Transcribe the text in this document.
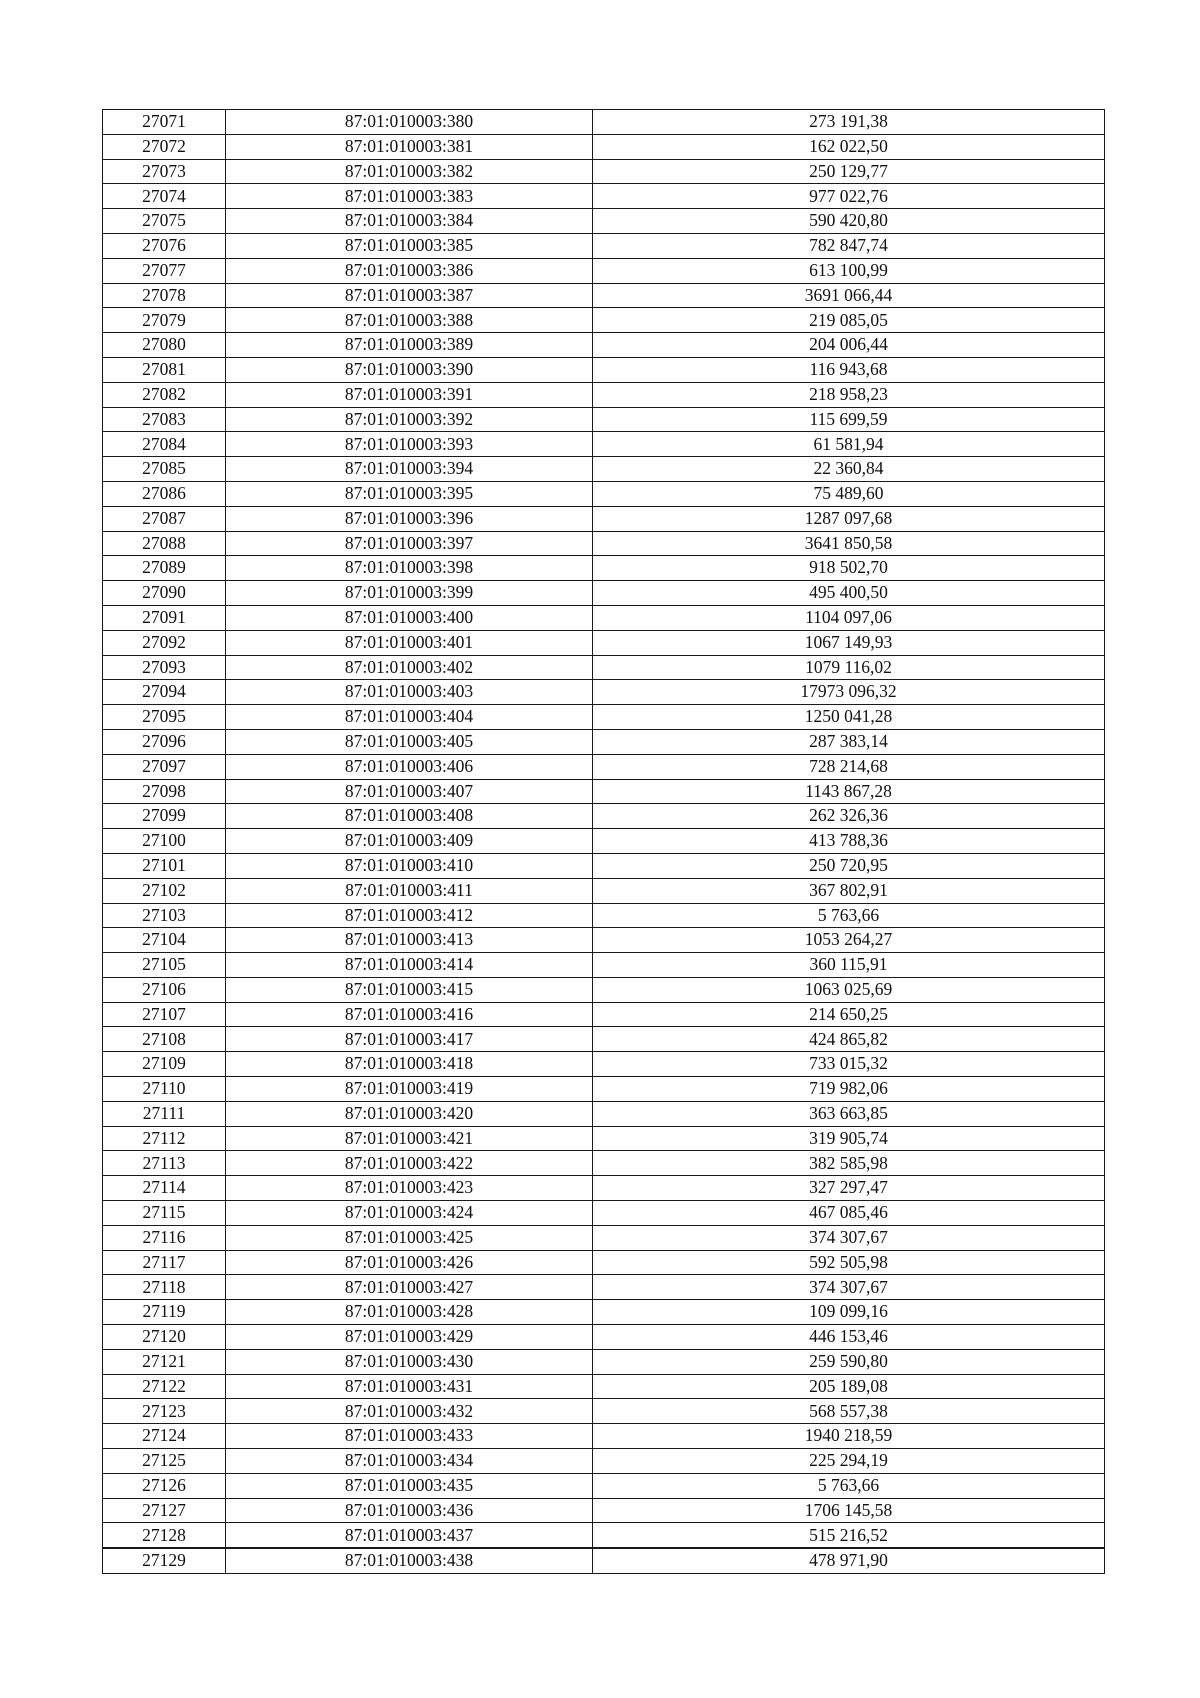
27071	87:01:010003:380	273 191,38
27072	87:01:010003:381	162 022,50
27073	87:01:010003:382	250 129,77
27074	87:01:010003:383	977 022,76
27075	87:01:010003:384	590 420,80
27076	87:01:010003:385	782 847,74
27077	87:01:010003:386	613 100,99
27078	87:01:010003:387	3691 066,44
27079	87:01:010003:388	219 085,05
27080	87:01:010003:389	204 006,44
27081	87:01:010003:390	116 943,68
27082	87:01:010003:391	218 958,23
27083	87:01:010003:392	115 699,59
27084	87:01:010003:393	61 581,94
27085	87:01:010003:394	22 360,84
27086	87:01:010003:395	75 489,60
27087	87:01:010003:396	1287 097,68
27088	87:01:010003:397	3641 850,58
27089	87:01:010003:398	918 502,70
27090	87:01:010003:399	495 400,50
27091	87:01:010003:400	1104 097,06
27092	87:01:010003:401	1067 149,93
27093	87:01:010003:402	1079 116,02
27094	87:01:010003:403	17973 096,32
27095	87:01:010003:404	1250 041,28
27096	87:01:010003:405	287 383,14
27097	87:01:010003:406	728 214,68
27098	87:01:010003:407	1143 867,28
27099	87:01:010003:408	262 326,36
27100	87:01:010003:409	413 788,36
27101	87:01:010003:410	250 720,95
27102	87:01:010003:411	367 802,91
27103	87:01:010003:412	5 763,66
27104	87:01:010003:413	1053 264,27
27105	87:01:010003:414	360 115,91
27106	87:01:010003:415	1063 025,69
27107	87:01:010003:416	214 650,25
27108	87:01:010003:417	424 865,82
27109	87:01:010003:418	733 015,32
27110	87:01:010003:419	719 982,06
27111	87:01:010003:420	363 663,85
27112	87:01:010003:421	319 905,74
27113	87:01:010003:422	382 585,98
27114	87:01:010003:423	327 297,47
27115	87:01:010003:424	467 085,46
27116	87:01:010003:425	374 307,67
27117	87:01:010003:426	592 505,98
27118	87:01:010003:427	374 307,67
27119	87:01:010003:428	109 099,16
27120	87:01:010003:429	446 153,46
27121	87:01:010003:430	259 590,80
27122	87:01:010003:431	205 189,08
27123	87:01:010003:432	568 557,38
27124	87:01:010003:433	1940 218,59
27125	87:01:010003:434	225 294,19
27126	87:01:010003:435	5 763,66
27127	87:01:010003:436	1706 145,58
27128	87:01:010003:437	515 216,52
27129	87:01:010003:438	478 971,90
